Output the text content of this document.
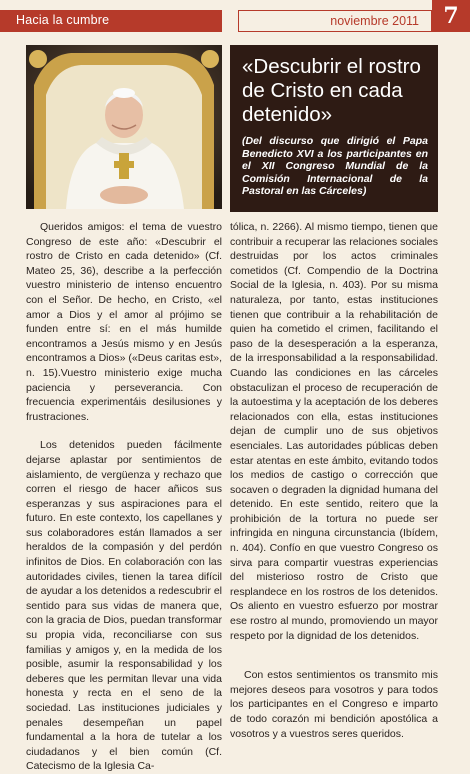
Hacia la cumbre	noviembre 2011	7
«Descubrir el rostro de Cristo en cada detenido»

(Del discurso que dirigió el Papa Benedicto XVI a los participantes en el XII Congreso Mundial de la Comisión Internacional de la Pastoral en las Cárceles)

Queridos amigos: el tema de vuestro Congreso de este año: «Descubrir el rostro de Cristo en cada detenido» (Cf. Mateo 25, 36), describe a la perfección vuestro ministerio de intenso encuentro con el Señor. De hecho, en Cristo, «el amor a Dios y el amor al prójimo se funden entre sí: en el más humilde encontramos a Jesús mismo y en Jesús encontramos a Dios» («Deus caritas est», n. 15).Vuestro ministerio exige mucha paciencia y perseverancia. Con frecuencia experimentáis desilusiones y frustraciones.

Los detenidos pueden fácilmente dejarse aplastar por sentimientos de aislamiento, de vergüenza y rechazo que corren el riesgo de hacer añicos sus esperanzas y sus aspiraciones para el futuro. En este contexto, los capellanes y sus colaboradores están llamados a ser heraldos de la compasión y del perdón infinitos de Dios. En colaboración con las autoridades civiles, tienen la tarea difícil de ayudar a los detenidos a redescubrir el sentido para sus vidas de manera que, con la gracia de Dios, puedan transformar su propia vida, reconciliarse con sus familias y amigos y, en la medida de los posible, asumir la responsabilidad y los deberes que les permitan llevar una vida honesta y recta en el seno de la sociedad. Las instituciones judiciales y penales desempeñan un papel fundamental a la hora de tutelar a los ciudadanos y el bien común (Cf. Catecismo de la Iglesia Ca-

tólica, n. 2266). Al mismo tiempo, tienen que contribuir a recuperar las relaciones sociales destruidas por los actos criminales cometidos (Cf. Compendio de la Doctrina Social de la Iglesia, n. 403). Por su misma naturaleza, por tanto, estas instituciones tienen que contribuir a la rehabilitación de quien ha cometido el crimen, facilitando el paso de la desesperación a la esperanza, de la irresponsabilidad a la responsabilidad. Cuando las condiciones en las cárceles obstaculizan el proceso de recuperación de la autoestima y la aceptación de los deberes relacionados con ella, estas instituciones dejan de cumplir uno de sus objetivos esenciales. Las autoridades públicas deben estar atentas en este ámbito, evitando todos los medios de castigo o corrección que socaven o degraden la dignidad humana del detenido. En este sentido, reitero que la prohibición de la tortura no puede ser infringida en ninguna circunstancia (Ibídem, n. 404). Confío en que vuestro Congreso os sirva para compartir vuestras experiencias del misterioso rostro de Cristo que resplandece en los rostros de los detenidos. Os aliento en vuestro esfuerzo por mostrar ese rostro al mundo, promoviendo un mayor respeto por la dignidad de los detenidos.

Con estos sentimientos os transmito mis mejores deseos para vosotros y para todos los participantes en el Congreso e imparto de todo corazón mi bendición apostólica a vosotros y a vuestros seres queridos.
